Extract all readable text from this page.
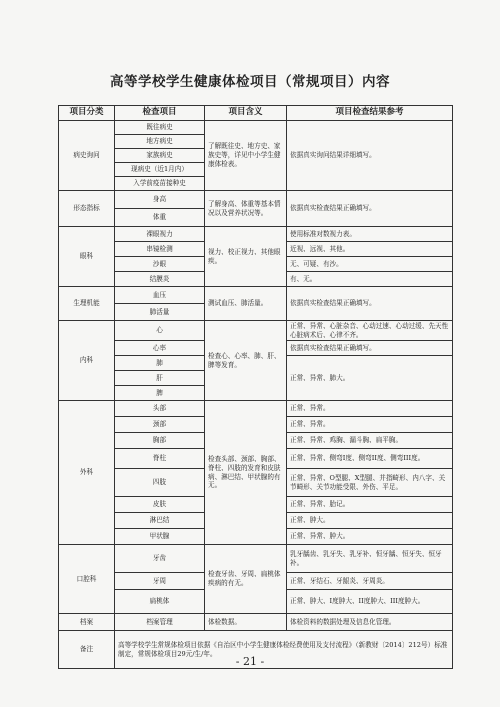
高等学校学生健康体检项目（常规项目）内容
项目分类	检查项目	项目含义	项目检查结果参考
病史询问	既往病史	了解既往史、地方史、家族史等，详见中小学生健康体检表。	依据真实询问结果详细填写。
	地方病史		
	家族病史		
	现病史（近1月内）		
	入学前疫苗接种史		
形态指标	身高	了解身高、体重等基本情况以及营养状况等。	依据真实检查结果正确填写。
	体重		
眼科	裸眼视力	视力、校正视力、其他眼疾。	使用标准对数视力表。
	串镜检测		近视、远视、其他。
	沙眼		无、可疑、有沙。
	结膜炎		有、无。
生理机能	血压	测试血压、肺活量。	依据真实检查结果正确填写。
	肺活量		
内科	心	检查心、心率、肺、肝、脾等发育。	正常、异常、心脏杂音、心动过速、心动过缓、先天性心脏病术后、心律不齐。
	心率		依据真实检查结果正确填写。
	肺		正常、异常、肺大。
	肝		
	脾		
外科	头部	检查头部、颈部、胸部、脊柱、四肢的发育和皮肤病、淋巴结、甲状腺的有无。	正常、异常。
	颈部		正常、异常。
	胸部		正常、异常、鸡胸、漏斗胸、扁平胸。
	脊柱		正常、异常、侧弯I度、侧弯II度、侧弯III度。
	四肢		正常、异常、O型腿、X型腿、并指畸形、内八字、关节畸形、关节功能受限、外伤、平足。
	皮肤		正常、异常、胎记。
	淋巴结		正常、肿大。
	甲状腺		正常、异常、肿大。
口腔科	牙齿	检查牙齿、牙周、扁桃体疾病的有无。	乳牙龋齿、乳牙失、乳牙补、恒牙龋、恒牙失、恒牙补。
	牙周		正常、牙结石、牙龈炎、牙周炎。
	扁桃体		正常、肿大、I度肿大、II度肿大、III度肿大。
档案	档案管理	体检数据。	体检资料的数据处理及信息化管理。
备注	高等学校学生常规体检项目依据《自治区中小学生健康体检经费使用及支付流程》（新教财〔2014〕212号）标准制定，常规体检项目29元/生/年。		
- 21 -
